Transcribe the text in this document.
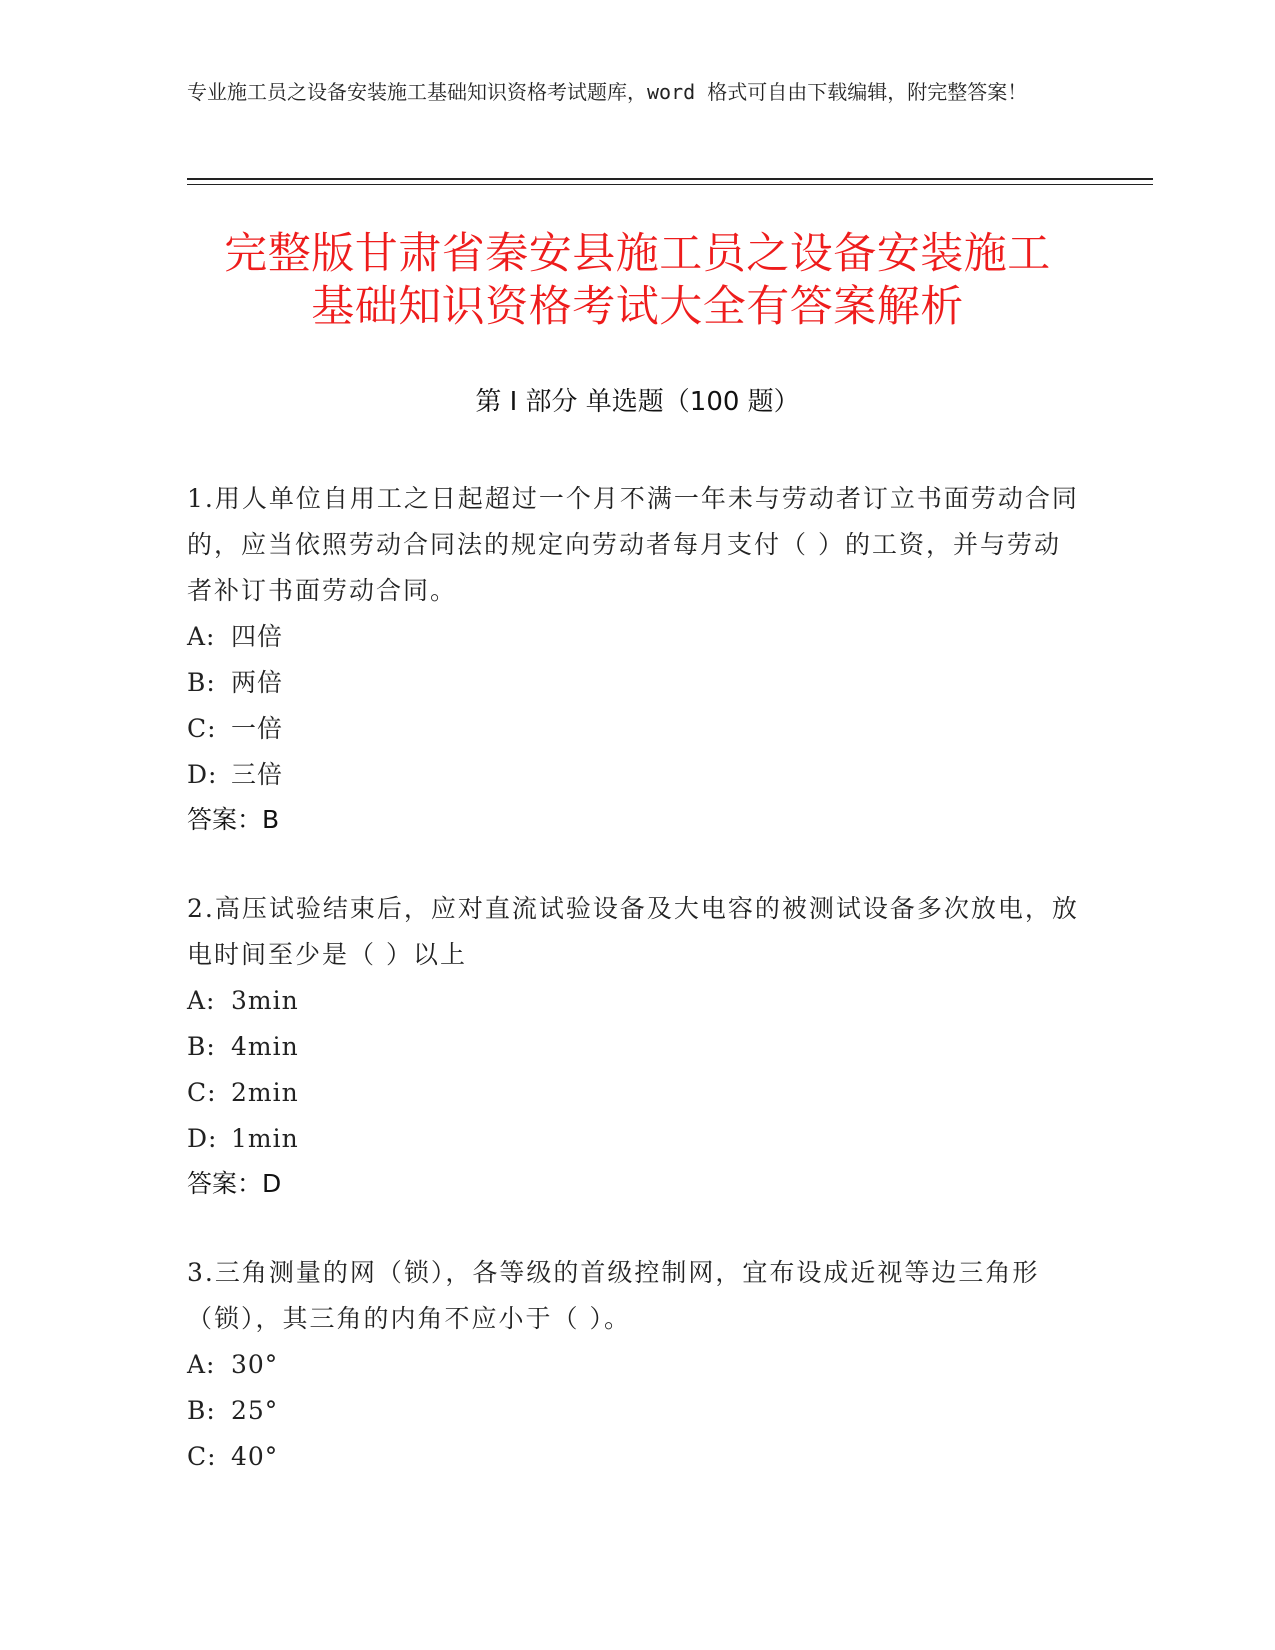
专业施工员之设备安装施工基础知识资格考试题库，word 格式可自由下载编辑，附完整答案！
完整版甘肃省秦安县施工员之设备安装施工
基础知识资格考试大全有答案解析
第 I 部分 单选题（100 题）
1.用人单位自用工之日起超过一个月不满一年未与劳动者订立书面劳动合同的，应当依照劳动合同法的规定向劳动者每月支付（ ）的工资，并与劳动者补订书面劳动合同。
A: 四倍
B: 两倍
C: 一倍
D: 三倍
答案：B
2.高压试验结束后，应对直流试验设备及大电容的被测试设备多次放电，放电时间至少是（ ）以上
A: 3min
B: 4min
C: 2min
D: 1min
答案：D
3.三角测量的网（锁），各等级的首级控制网，宜布设成近视等边三角形（锁），其三角的内角不应小于（ ）。
A: 30°
B: 25°
C: 40°
